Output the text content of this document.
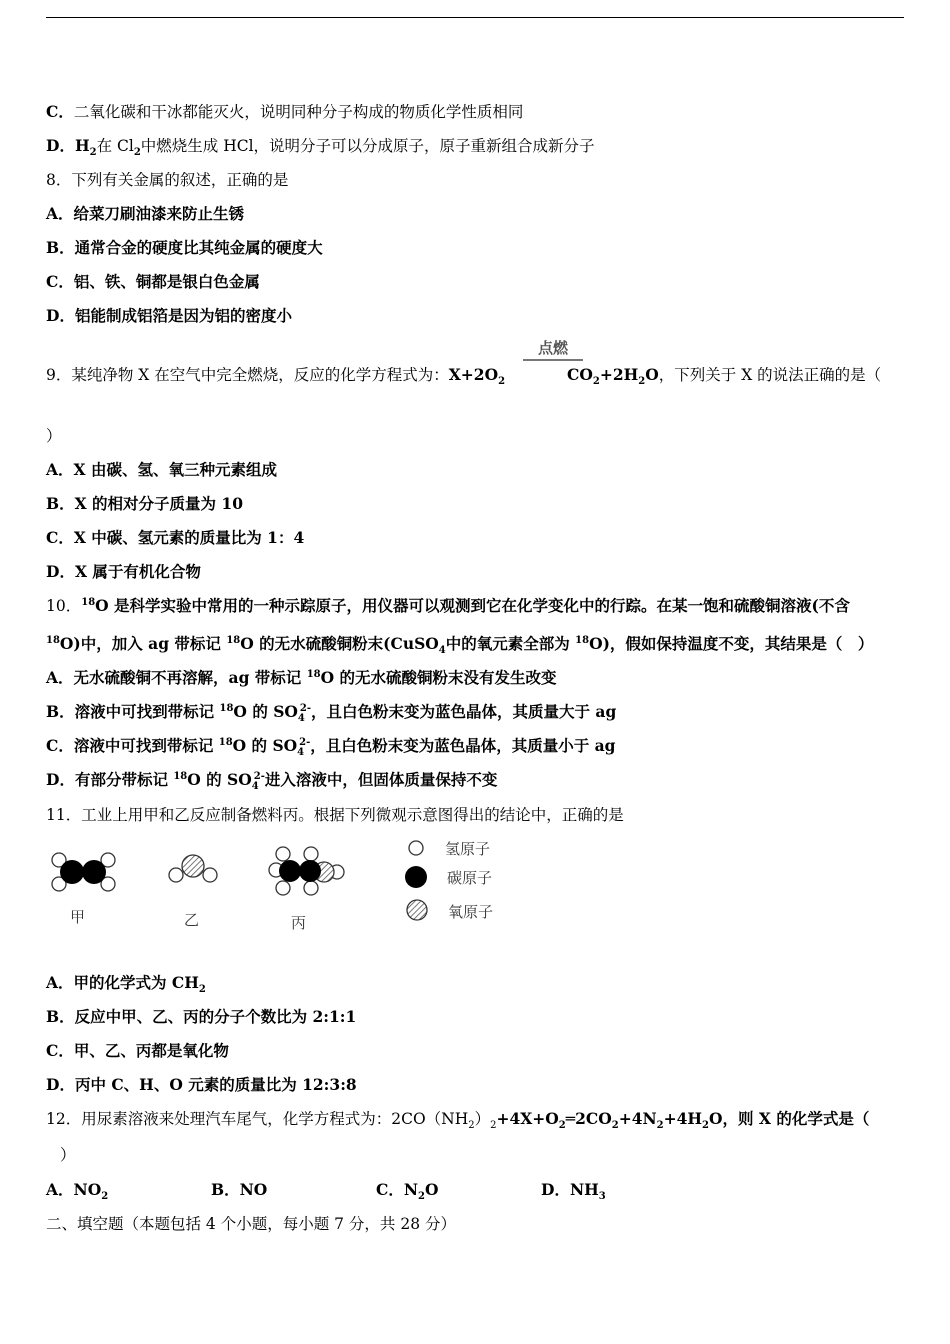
C．二氧化碳和干冰都能灭火，说明同种分子构成的物质化学性质相同
D．$H_2$在 $Cl_2$中燃烧生成 HCl，说明分子可以分成原子，原子重新组合成新分子
8．下列有关金属的叙述，正确的是
A．给菜刀刷油漆来防止生锈
B．通常合金的硬度比其纯金属的硬度大
C．铝、铁、铜都是银白色金属
D．铝能制成铝箔是因为铝的密度小
9．某纯净物 X 在空气中完全燃烧，反应的化学方程式为：$X+2O_2$	$CO_2+2H_2O$，下列关于 X 的说法正确的是（
点燃
）
A．X 由碳、氢、氧三种元素组成
B．X 的相对分子质量为 10
C．X 中碳、氢元素的质量比为 1：4
D．X 属于有机化合物
10．$^{18}$O 是科学实验中常用的一种示踪原子，用仪器可以观测到它在化学变化中的行踪。在某一饱和硫酸铜溶液(不含
$^{18}$O)中，加入 ag 带标记 $^{18}$O 的无水硫酸铜粉末(CuSO$_4$中的氧元素全部为 $^{18}$O)，假如保持温度不变，其结果是（　）
A．无水硫酸铜不再溶解，ag 带标记 $^{18}$O 的无水硫酸铜粉末没有发生改变
B．溶液中可找到带标记 $^{18}$O 的 $SO_4^{2-}$，且白色粉末变为蓝色晶体，其质量大于 ag
C．溶液中可找到带标记 $^{18}$O 的 $SO_4^{2-}$，且白色粉末变为蓝色晶体，其质量小于 ag
D．有部分带标记 $^{18}$O 的 $SO_4^{2-}$进入溶液中，但固体质量保持不变
11．工业上用甲和乙反应制备燃料丙。根据下列微观示意图得出的结论中，正确的是
甲	乙	丙
氢原子
碳原子
氧原子
A．甲的化学式为 $CH_2$
B．反应中甲、乙、丙的分子个数比为 2:1:1
C．甲、乙、丙都是氧化物
D．丙中 C、H、O 元素的质量比为 12:3:8
12．用尿素溶液来处理汽车尾气，化学方程式为：$2CO(NH_2)_2+4X+O_2═2CO_2+4N_2+4H_2O$，则 X 的化学式是（
）
A．$NO_2$	B．NO	C．$N_2O$	D．$NH_3$
二、填空题（本题包括 4 个小题，每小题 7 分，共 28 分）
